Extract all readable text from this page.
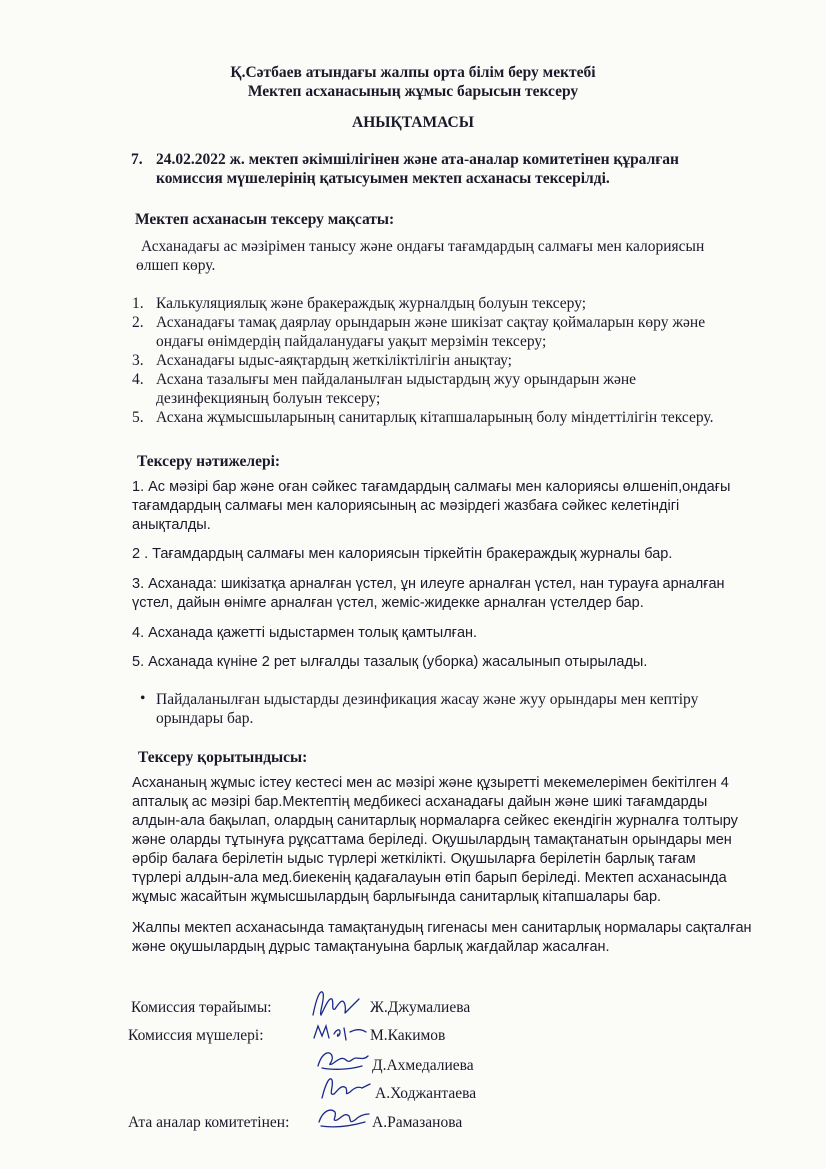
Қ.Сәтбаев атындағы жалпы орта білім беру мектебі
Мектеп асханасының жұмыс барысын тексеру
АНЫҚТАМАСЫ
7. 24.02.2022 ж. мектеп әкімшілігінен және ата-аналар комитетінен құралған
комиссия мүшелерінің қатысуымен мектеп асханасы тексерілді.
Мектеп асханасын тексеру мақсаты:
Асханадағы ас мәзірімен танысу және ондағы тағамдардың салмағы мен калориясын
өлшеп көру.
1. Калькуляциялық және бракераждық журналдың болуын тексеру;
2. Асханадағы тамақ даярлау орындарын және шикізат сақтау қоймаларын көру және
ондағы өнімдердің пайдаланудағы уақыт мерзімін тексеру;
3. Асханадағы ыдыс-аяқтардың жеткіліктілігін анықтау;
4. Асхана тазалығы мен пайдаланылған ыдыстардың жуу орындарын және
дезинфекцияның болуын тексеру;
5. Асхана жұмысшыларының санитарлық кітапшаларының болу міндеттілігін тексеру.
Тексеру нәтижелері:
1. Ас мәзірі бар және оған сәйкес тағамдардың салмағы мен калориясы өлшеніп,ондағы
тағамдардың салмағы мен калориясының ас мәзірдегі жазбаға сәйкес келетіндігі
анықталды.
2 . Тағамдардың салмағы мен калориясын тіркейтін бракераждық журналы бар.
3. Асханада: шикізатқа арналған үстел, ұн илеуге арналған үстел, нан турауға арналған
үстел, дайын өнімге арналған үстел, жеміс-жидекке арналған үстелдер бар.
4. Асханада қажетті ыдыстармен толық қамтылған.
5. Асханада күніне 2 рет ылғалды тазалық (уборка) жасалынып отырылады.
• Пайдаланылған ыдыстарды дезинфикация жасау және жуу орындары мен кептіру
орындары бар.
Тексеру қорытындысы:
Асхананың жұмыс істеу кестесі мен ас мәзірі және құзыретті мекемелерімен бекітілген 4
апталық ас мәзірі бар.Мектептің медбикесі асханадағы дайын және шикі тағамдарды
алдын-ала бақылап, олардың санитарлық нормаларға сейкес екендігін журналға толтыру
және оларды тұтынуға рұқсаттама беріледі. Оқушылардың тамақтанатын орындары мен
әрбір балаға берілетін ыдыс түрлері жеткілікті. Оқушыларға берілетін барлық тағам
түрлері алдын-ала мед.биекенің қадағалауын өтіп барып беріледі. Мектеп асханасында
жұмыс жасайтын жұмысшылардың барлығында санитарлық кітапшалары бар.
Жалпы мектеп асханасында тамақтанудың гигенасы мен санитарлық нормалары сақталған
және оқушылардың дұрыс тамақтануына барлық жағдайлар жасалған.
Комиссия төрайымы:	Ж.Джумалиева
Комиссия мүшелері:	М.Какимов
Д.Ахмедалиева
А.Ходжантаева
Ата аналар комитетінен:	А.Рамазанова
